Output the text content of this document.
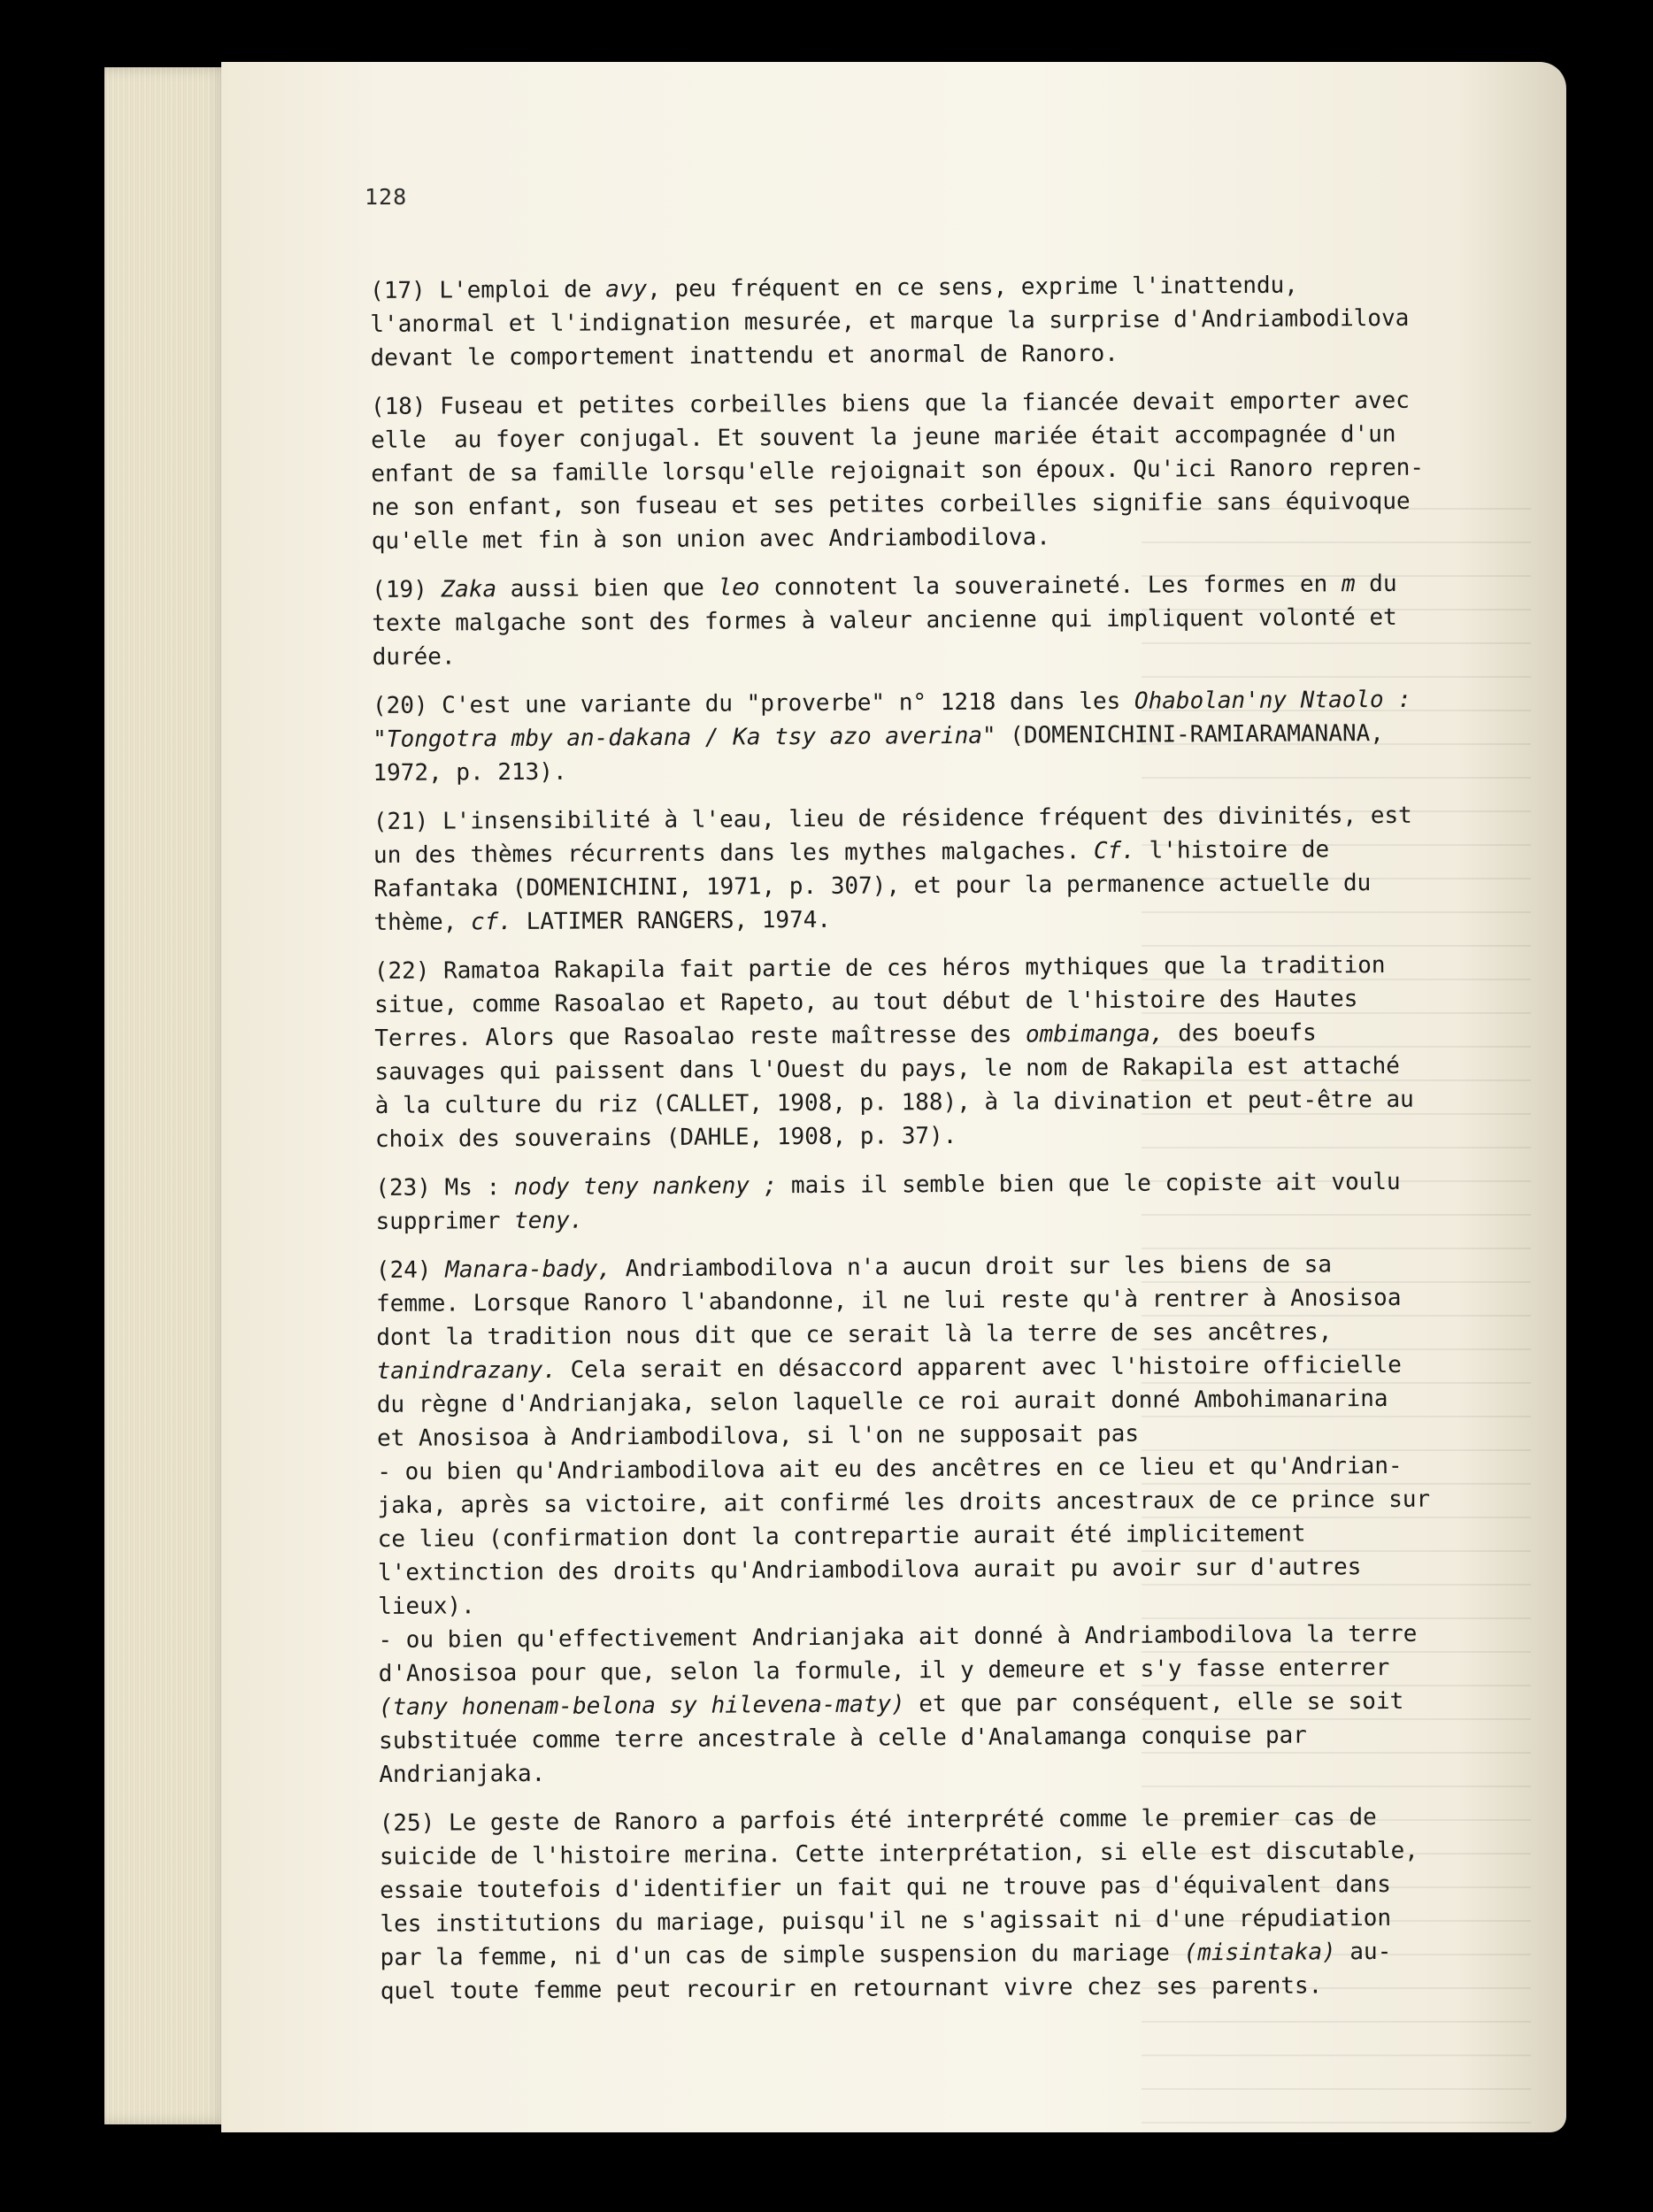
128
(17) L'emploi de avy, peu fréquent en ce sens, exprime l'inattendu,
l'anormal et l'indignation mesurée, et marque la surprise d'Andriambodilova
devant le comportement inattendu et anormal de Ranoro.
(18) Fuseau et petites corbeilles biens que la fiancée devait emporter avec
elle  au foyer conjugal. Et souvent la jeune mariée était accompagnée d'un
enfant de sa famille lorsqu'elle rejoignait son époux. Qu'ici Ranoro repren-
ne son enfant, son fuseau et ses petites corbeilles signifie sans équivoque
qu'elle met fin à son union avec Andriambodilova.
(19) Zaka aussi bien que leo connotent la souveraineté. Les formes en m du
texte malgache sont des formes à valeur ancienne qui impliquent volonté et
durée.
(20) C'est une variante du "proverbe" n° 1218 dans les Ohabolan'ny Ntaolo :
"Tongotra mby an-dakana / Ka tsy azo averina" (DOMENICHINI-RAMIARAMANANA,
1972, p. 213).
(21) L'insensibilité à l'eau, lieu de résidence fréquent des divinités, est
un des thèmes récurrents dans les mythes malgaches. Cf. l'histoire de
Rafantaka (DOMENICHINI, 1971, p. 307), et pour la permanence actuelle du
thème, cf. LATIMER RANGERS, 1974.
(22) Ramatoa Rakapila fait partie de ces héros mythiques que la tradition
situe, comme Rasoalao et Rapeto, au tout début de l'histoire des Hautes
Terres. Alors que Rasoalao reste maîtresse des ombimanga, des boeufs
sauvages qui paissent dans l'Ouest du pays, le nom de Rakapila est attaché
à la culture du riz (CALLET, 1908, p. 188), à la divination et peut-être au
choix des souverains (DAHLE, 1908, p. 37).
(23) Ms : nody teny nankeny ; mais il semble bien que le copiste ait voulu
supprimer teny.
(24) Manara-bady, Andriambodilova n'a aucun droit sur les biens de sa
femme. Lorsque Ranoro l'abandonne, il ne lui reste qu'à rentrer à Anosisoa
dont la tradition nous dit que ce serait là la terre de ses ancêtres,
tanindrazany. Cela serait en désaccord apparent avec l'histoire officielle
du règne d'Andrianjaka, selon laquelle ce roi aurait donné Ambohimanarina
et Anosisoa à Andriambodilova, si l'on ne supposait pas
- ou bien qu'Andriambodilova ait eu des ancêtres en ce lieu et qu'Andrian-
jaka, après sa victoire, ait confirmé les droits ancestraux de ce prince sur
ce lieu (confirmation dont la contrepartie aurait été implicitement
l'extinction des droits qu'Andriambodilova aurait pu avoir sur d'autres
lieux).
- ou bien qu'effectivement Andrianjaka ait donné à Andriambodilova la terre
d'Anosisoa pour que, selon la formule, il y demeure et s'y fasse enterrer
(tany honenam-belona sy hilevena-maty) et que par conséquent, elle se soit
substituée comme terre ancestrale à celle d'Analamanga conquise par
Andrianjaka.
(25) Le geste de Ranoro a parfois été interprété comme le premier cas de
suicide de l'histoire merina. Cette interprétation, si elle est discutable,
essaie toutefois d'identifier un fait qui ne trouve pas d'équivalent dans
les institutions du mariage, puisqu'il ne s'agissait ni d'une répudiation
par la femme, ni d'un cas de simple suspension du mariage (misintaka) au-
quel toute femme peut recourir en retournant vivre chez ses parents.
